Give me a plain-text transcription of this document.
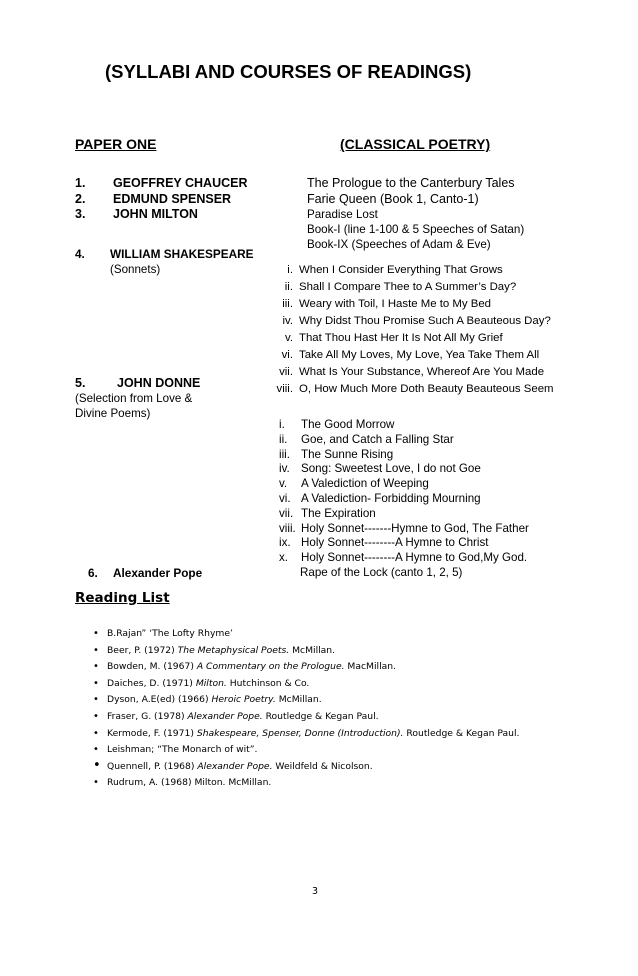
(SYLLABI AND COURSES OF READINGS)
PAPER ONE	(CLASSICAL POETRY)
1. GEOFFREY CHAUCER	The Prologue to the Canterbury Tales
2. EDMUND SPENSER	Farie Queen (Book 1, Canto-1)
3. JOHN MILTON	Paradise Lost
Book-I (line 1-100 & 5 Speeches of Satan)
Book-IX (Speeches of Adam & Eve)
4. WILLIAM SHAKESPEARE
(Sonnets)	i. When I Consider Everything That Grows
ii. Shall I Compare Thee to A Summer’s Day?
iii. Weary with Toil, I Haste Me to My Bed
iv. Why Didst Thou Promise Such A Beauteous Day?
v. That Thou Hast Her It Is Not All My Grief
vi. Take All My Loves, My Love, Yea Take Them All
vii. What Is Your Substance, Whereof Are You Made
viii. O, How Much More Doth Beauty Beauteous Seem
5.	JOHN DONNE
(Selection from Love &
Divine Poems)
i. The Good Morrow
ii. Goe, and Catch a Falling Star
iii. The Sunne Rising
iv. Song: Sweetest Love, I do not Goe
v. A Valediction of Weeping
vi. A Valediction- Forbidding Mourning
vii. The Expiration
viii. Holy Sonnet-------Hymne to God, The Father
ix. Holy Sonnet--------A Hymne to Christ
x. Holy Sonnet--------A Hymne to God,My God.
6. Alexander Pope	Rape of the Lock (canto 1, 2, 5)
Reading List
• B.Rajan” ‘The Lofty Rhyme’
• Beer, P. (1972) The Metaphysical Poets. McMillan.
• Bowden, M. (1967) A Commentary on the Prologue. MacMillan.
• Daiches, D. (1971) Milton. Hutchinson & Co.
• Dyson, A.E(ed) (1966) Heroic Poetry. McMillan.
• Fraser, G. (1978) Alexander Pope. Routledge & Kegan Paul.
• Kermode, F. (1971) Shakespeare, Spenser, Donne (Introduction). Routledge & Kegan Paul.
• Leishman; “The Monarch of wit”.
• Quennell, P. (1968) Alexander Pope. Weildfeld & Nicolson.
• Rudrum, A. (1968) Milton. McMillan.
3
